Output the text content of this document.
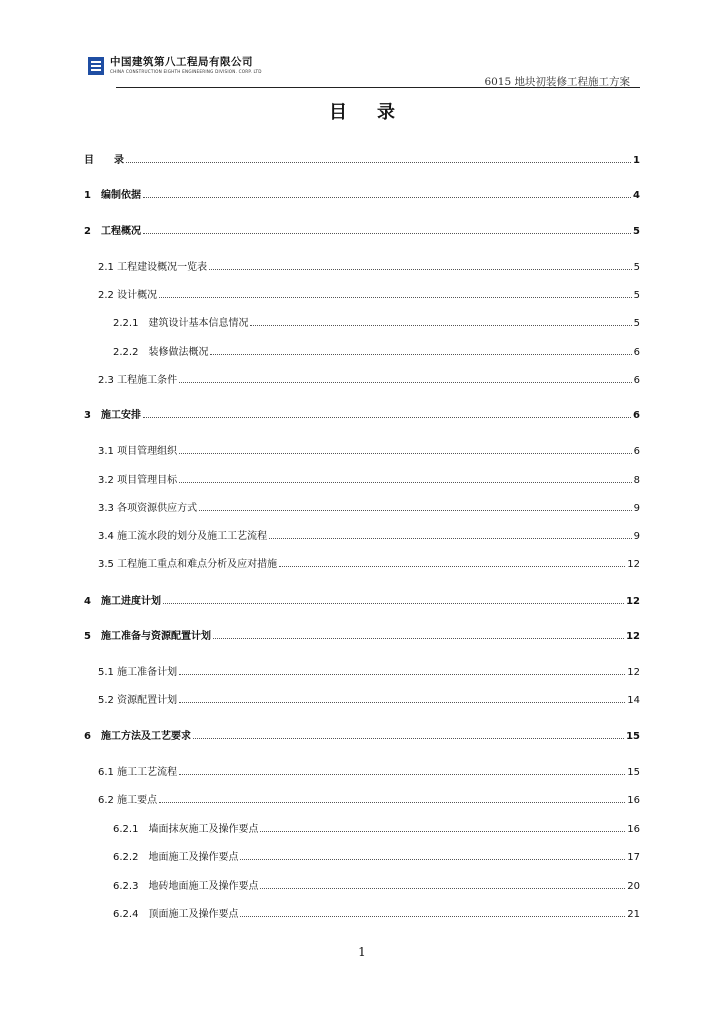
中国建筑第八工程局有限公司
CHINA CONSTRUCTION EIGHTH ENGINEERING DIVISION. CORP. LTD
6015 地块初装修工程施工方案
目录
目　　录	1
1　编制依据	4
2　工程概况	5
2.1 工程建设概况一览表	5
2.2 设计概况	5
2.2.1　建筑设计基本信息情况	5
2.2.2　装修做法概况	6
2.3 工程施工条件	6
3　施工安排	6
3.1 项目管理组织	6
3.2 项目管理目标	8
3.3 各项资源供应方式	9
3.4 施工流水段的划分及施工工艺流程	9
3.5 工程施工重点和难点分析及应对措施	12
4　施工进度计划	12
5　施工准备与资源配置计划	12
5.1 施工准备计划	12
5.2 资源配置计划	14
6　施工方法及工艺要求	15
6.1 施工工艺流程	15
6.2 施工要点	16
6.2.1　墙面抹灰施工及操作要点	16
6.2.2　地面施工及操作要点	17
6.2.3　地砖地面施工及操作要点	20
6.2.4　顶面施工及操作要点	21
1
